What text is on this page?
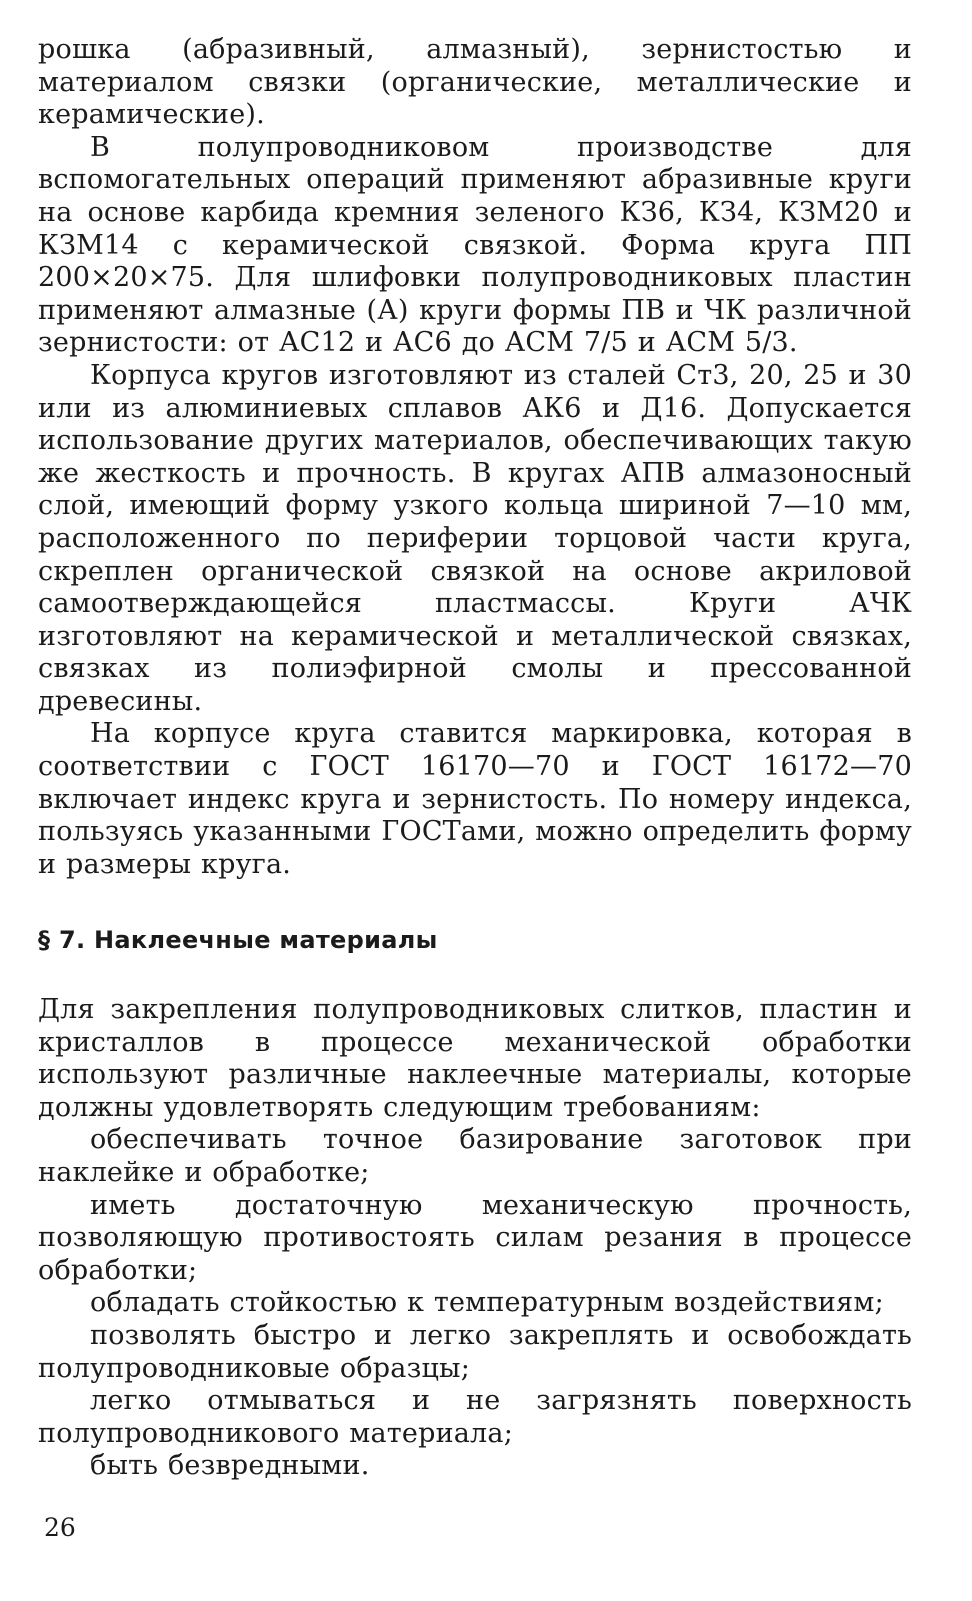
рошка (абразивный, алмазный), зернистостью и материалом связки (органические, металлические и керамические).

В полупроводниковом производстве для вспомогательных операций применяют абразивные круги на основе карбида кремния зеленого КЗ6, КЗ4, КЗМ20 и КЗМ14 с керамической связкой. Форма круга ПП 200×20×75. Для шлифовки полупроводниковых пластин применяют алмазные (А) круги формы ПВ и ЧК различной зернистости: от АС12 и АС6 до АСМ 7/5 и АСМ 5/3.

Корпуса кругов изготовляют из сталей Ст3, 20, 25 и 30 или из алюминиевых сплавов АК6 и Д16. Допускается использование других материалов, обеспечивающих такую же жесткость и прочность. В кругах АПВ алмазоносный слой, имеющий форму узкого кольца шириной 7—10 мм, расположенного по периферии торцовой части круга, скреплен органической связкой на основе акриловой самоотверждающейся пластмассы. Круги АЧК изготовляют на керамической и металлической связках, связках из полиэфирной смолы и прессованной древесины.

На корпусе круга ставится маркировка, которая в соответствии с ГОСТ 16170—70 и ГОСТ 16172—70 включает индекс круга и зернистость. По номеру индекса, пользуясь указанными ГОСТами, можно определить форму и размеры круга.

§ 7. Наклеечные материалы

Для закрепления полупроводниковых слитков, пластин и кристаллов в процессе механической обработки используют различные наклеечные материалы, которые должны удовлетворять следующим требованиям:

обеспечивать точное базирование заготовок при наклейке и обработке;

иметь достаточную механическую прочность, позволяющую противостоять силам резания в процессе обработки;

обладать стойкостью к температурным воздействиям;

позволять быстро и легко закреплять и освобождать полупроводниковые образцы;

легко отмываться и не загрязнять поверхность полупроводникового материала;

быть безвредными.

26
